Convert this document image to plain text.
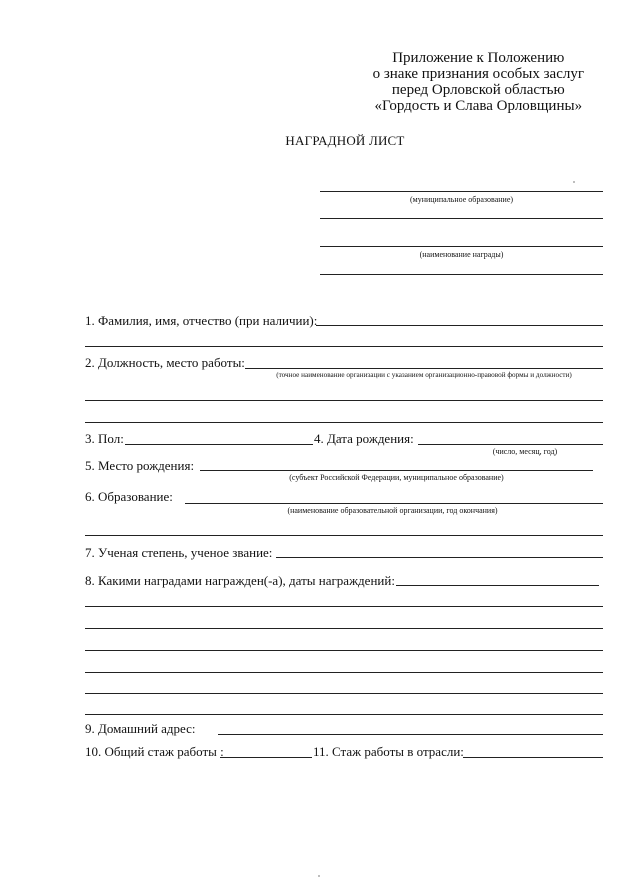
Приложение к Положению
о знаке признания особых заслуг
перед Орловской областью
«Гордость и Слава Орловщины»
НАГРАДНОЙ ЛИСТ
(муниципальное образование)
(наименование награды)
1. Фамилия, имя, отчество (при наличии):
2. Должность, место работы:
(точное наименование организации с указанием организационно-правовой формы и должности)
3. Пол:	4. Дата рождения:
(число, месяц, год)
5. Место рождения:
(субъект Российской Федерации, муниципальное образование)
6. Образование:
(наименование образовательной организации, год окончания)
7. Ученая степень, ученое звание:
8. Какими наградами награжден(-а), даты награждений:
9. Домашний адрес:
10. Общий стаж работы :	11. Стаж работы в отрасли:
